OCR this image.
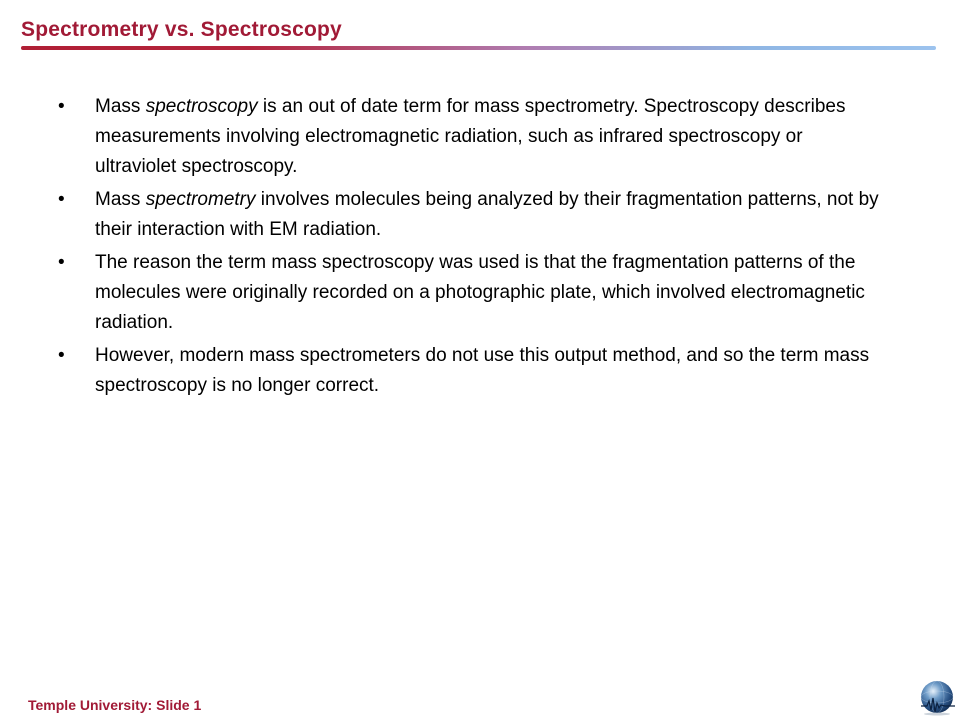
Spectrometry vs. Spectroscopy
• Mass spectroscopy is an out of date term for mass spectrometry. Spectroscopy describes measurements involving electromagnetic radiation, such as infrared spectroscopy or ultraviolet spectroscopy.
• Mass spectrometry involves molecules being analyzed by their fragmentation patterns, not by their interaction with EM radiation.
• The reason the term mass spectroscopy was used is that the fragmentation patterns of the molecules were originally recorded on a photographic plate, which involved electromagnetic radiation.
• However, modern mass spectrometers do not use this output method, and so the term mass spectroscopy is no longer correct.
Temple University: Slide 1
